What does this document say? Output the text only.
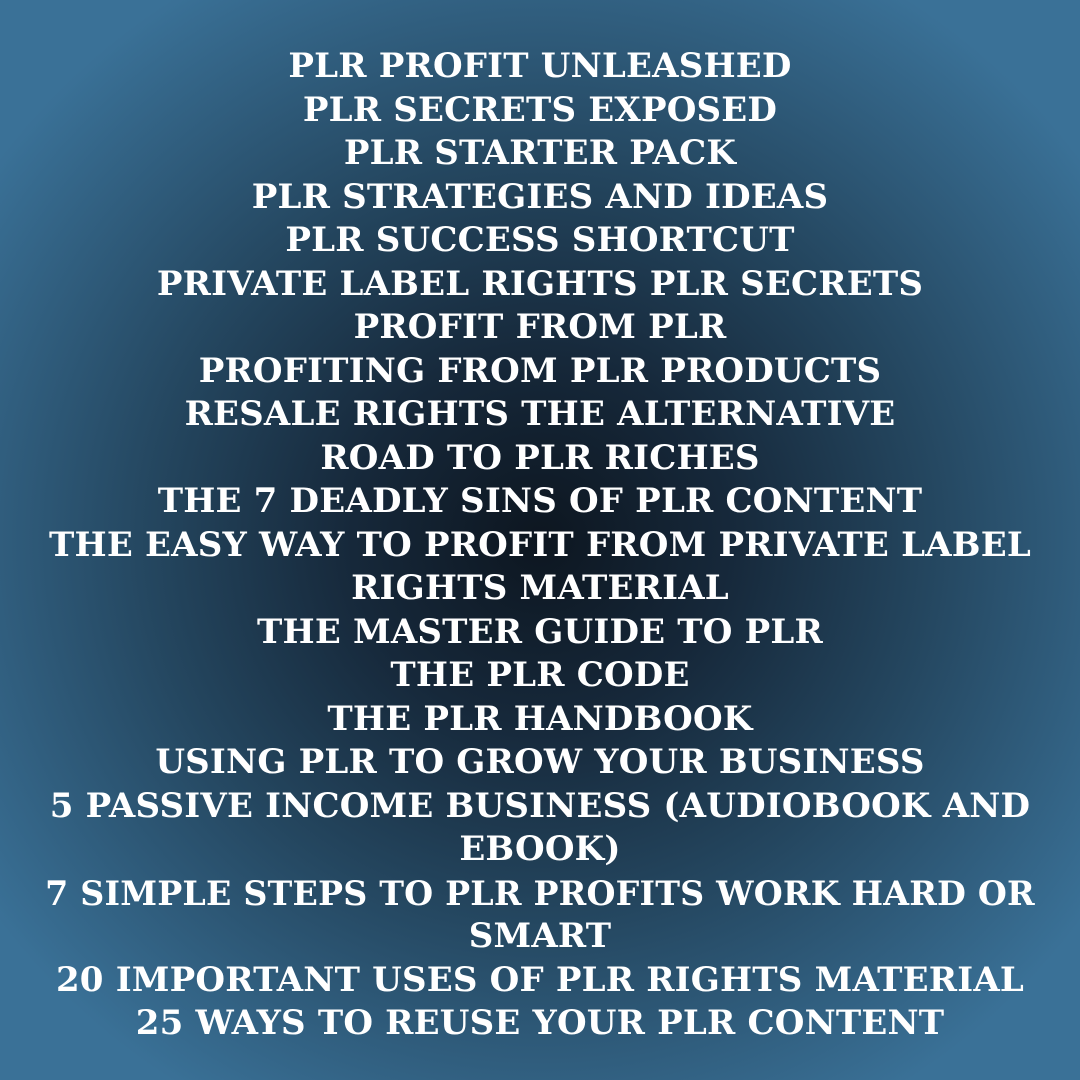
PLR PROFIT UNLEASHED
PLR SECRETS EXPOSED
PLR STARTER PACK
PLR STRATEGIES AND IDEAS
PLR SUCCESS SHORTCUT
PRIVATE LABEL RIGHTS PLR SECRETS
PROFIT FROM PLR
PROFITING FROM PLR PRODUCTS
RESALE RIGHTS THE ALTERNATIVE
ROAD TO PLR RICHES
THE 7 DEADLY SINS OF PLR CONTENT
THE EASY WAY TO PROFIT FROM PRIVATE LABEL
RIGHTS MATERIAL
THE MASTER GUIDE TO PLR
THE PLR CODE
THE PLR HANDBOOK
USING PLR TO GROW YOUR BUSINESS
5 PASSIVE INCOME BUSINESS (AUDIOBOOK AND
EBOOK)
7 SIMPLE STEPS TO PLR PROFITS WORK HARD OR
SMART
20 IMPORTANT USES OF PLR RIGHTS MATERIAL
25 WAYS TO REUSE YOUR PLR CONTENT
